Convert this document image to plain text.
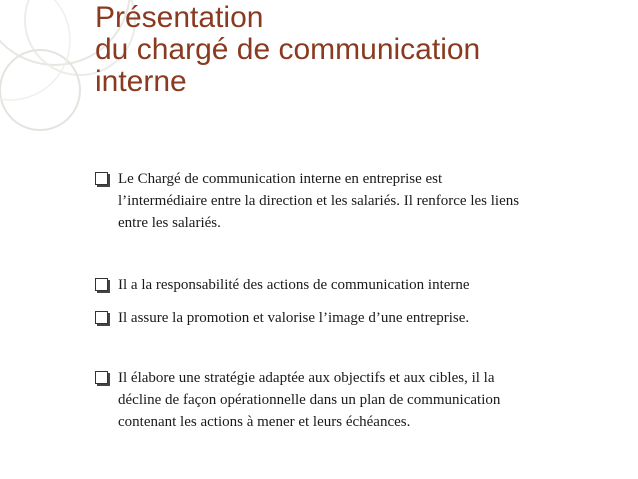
Présentation
du chargé de communication
interne
Le Chargé de communication interne en entreprise est l’intermédiaire entre la direction et les salariés. Il renforce les liens entre les salariés.
Il a la responsabilité des actions de communication interne
Il assure la promotion et valorise l’image d’une entreprise.
Il élabore une stratégie adaptée aux objectifs et aux cibles, il la décline de façon opérationnelle dans un plan de communication contenant les actions à mener et leurs échéances.
